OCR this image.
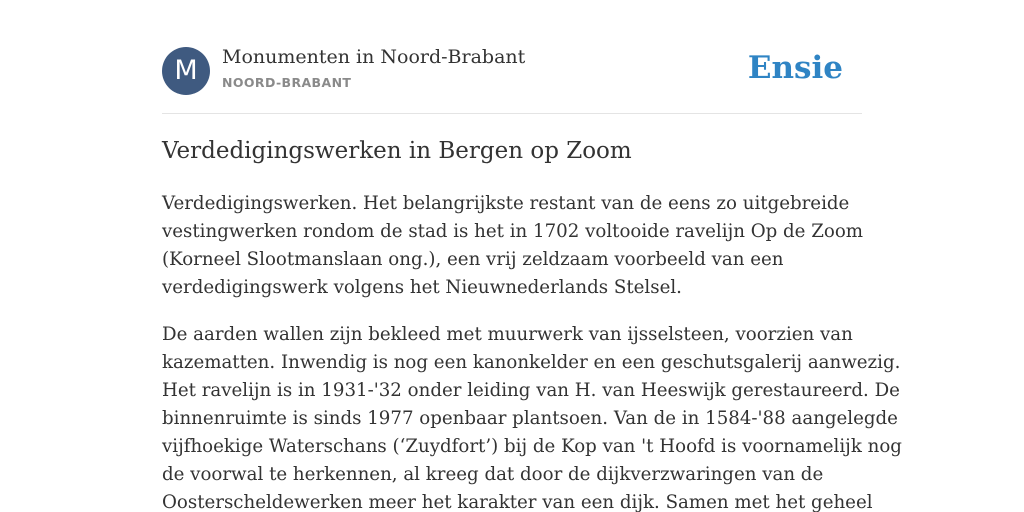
M	Monumenten in Noord-Brabant
NOORD-BRABANT	Ensie
Verdedigingswerken in Bergen op Zoom

Verdedigingswerken. Het belangrijkste restant van de eens zo uitgebreide
vestingwerken rondom de stad is het in 1702 voltooide ravelijn Op de Zoom
(Korneel Slootmanslaan ong.), een vrij zeldzaam voorbeeld van een
verdedigingswerk volgens het Nieuwnederlands Stelsel.

De aarden wallen zijn bekleed met muurwerk van ijsselsteen, voorzien van
kazematten. Inwendig is nog een kanonkelder en een geschutsgalerij aanwezig.
Het ravelijn is in 1931-'32 onder leiding van H. van Heeswijk gerestaureerd. De
binnenruimte is sinds 1977 openbaar plantsoen. Van de in 1584-'88 aangelegde
vijfhoekige Waterschans (‘Zuydfort’) bij de Kop van 't Hoofd is voornamelijk nog
de voorwal te herkennen, al kreeg dat door de dijkverzwaringen van de
Oosterscheldewerken meer het karakter van een dijk. Samen met het geheel
